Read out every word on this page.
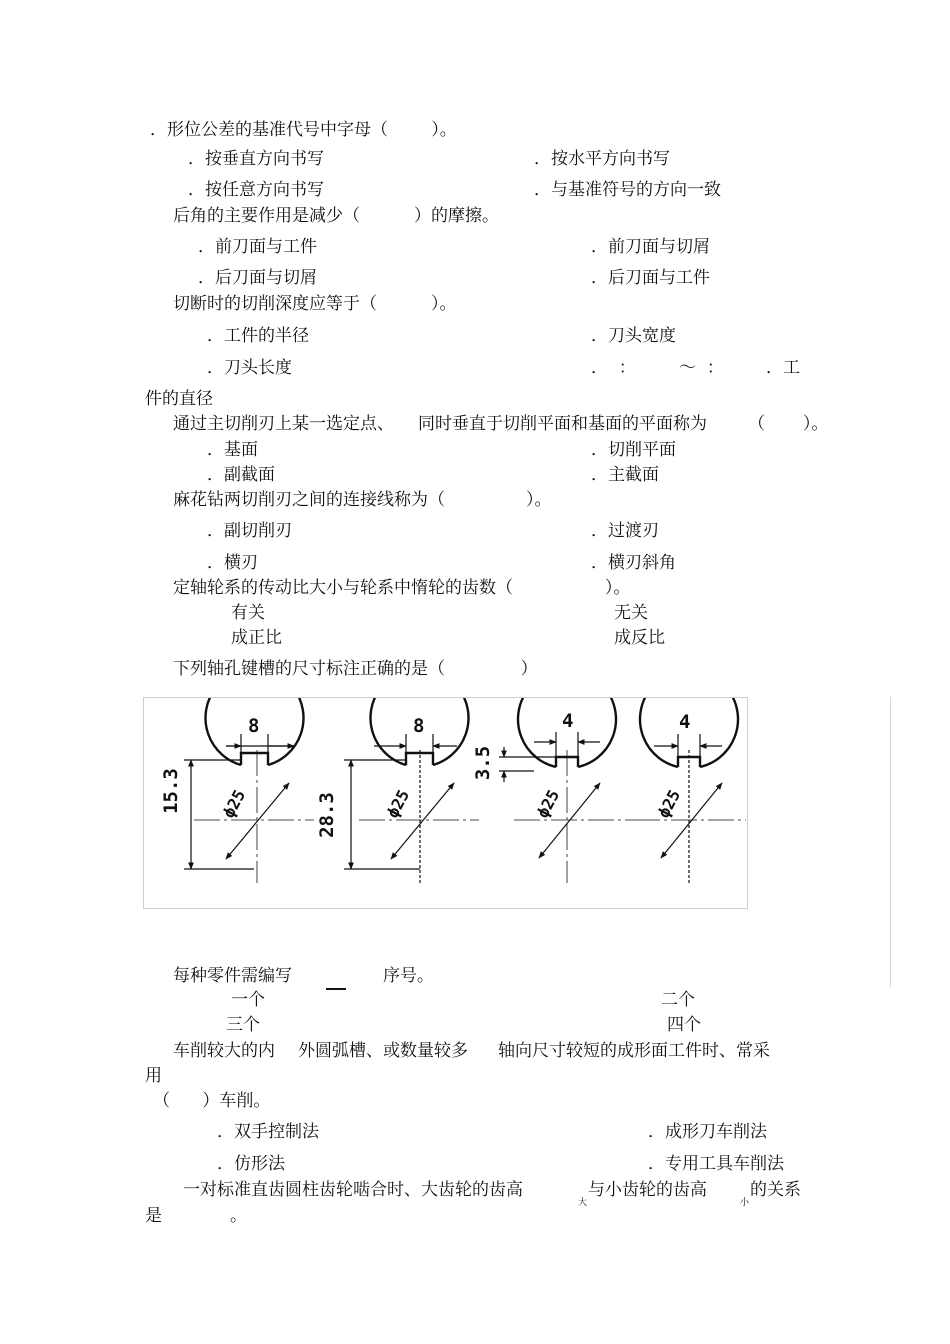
．形位公差的基准代号中字母（        ）。
．按垂直方向书写	．按水平方向书写
．按任意方向书写	．与基准符号的方向一致
后角的主要作用是减少（          ）的摩擦。
．前刀面与工件	．前刀面与切屑
．后刀面与切屑	．后刀面与工件
切断时的切削深度应等于（          ）。
．工件的半径	．刀头宽度
．刀头长度	．  ：        ～  ： ．工
件的直径
通过主切削刃上某一选定点、 同时垂直于切削平面和基面的平面称为 （       ）。
．基面	．切削平面
．副截面	．主截面
麻花钻两切削刃之间的连接线称为（               ）。
．副切削刃	．过渡刃
．横刃	．横刃斜角
定轴轮系的传动比大小与轮系中惰轮的齿数（                 ）。
有关	无关
成正比	成反比
下列轴孔键槽的尺寸标注正确的是（              ）
8	8	4	4
15.3
28.3
3.5
ϕ25	ϕ25	ϕ25	ϕ25
每种零件需编写	序号。
一个	二个
三个	四个
车削较大的内 外圆弧槽、或数量较多 轴向尺寸较短的成形面工件时、常采
用
（      ）车削。
．双手控制法	．成形刀车削法
．仿形法	．专用工具车削法
一对标准直齿圆柱齿轮啮合时、大齿轮的齿高
大
与小齿轮的齿高
小
的关系
是	。
